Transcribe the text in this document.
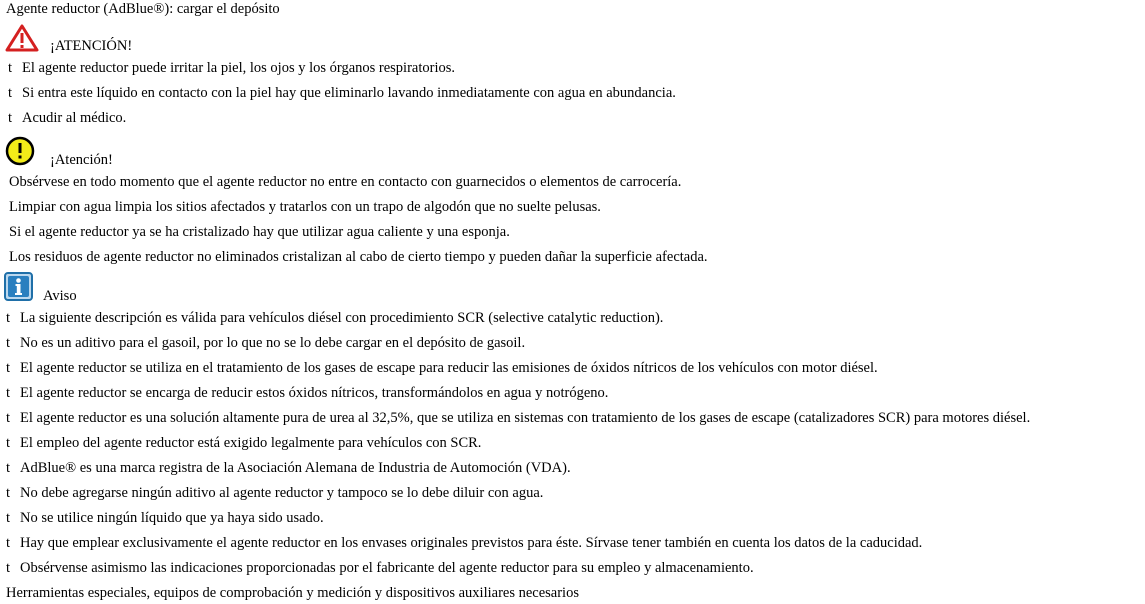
Agente reductor (AdBlue®): cargar el depósito
¡ATENCIÓN!
t El agente reductor puede irritar la piel, los ojos y los órganos respiratorios.
t Si entra este líquido en contacto con la piel hay que eliminarlo lavando inmediatamente con agua en abundancia.
t Acudir al médico.
¡Atención!
Obsérvese en todo momento que el agente reductor no entre en contacto con guarnecidos o elementos de carrocería.
Limpiar con agua limpia los sitios afectados y tratarlos con un trapo de algodón que no suelte pelusas.
Si el agente reductor ya se ha cristalizado hay que utilizar agua caliente y una esponja.
Los residuos de agente reductor no eliminados cristalizan al cabo de cierto tiempo y pueden dañar la superficie afectada.
Aviso
t La siguiente descripción es válida para vehículos diésel con procedimiento SCR (selective catalytic reduction).
t No es un aditivo para el gasoil, por lo que no se lo debe cargar en el depósito de gasoil.
t El agente reductor se utiliza en el tratamiento de los gases de escape para reducir las emisiones de óxidos nítricos de los vehículos con motor diésel.
t El agente reductor se encarga de reducir estos óxidos nítricos, transformándolos en agua y notrógeno.
t El agente reductor es una solución altamente pura de urea al 32,5%, que se utiliza en sistemas con tratamiento de los gases de escape (catalizadores SCR) para motores diésel.
t El empleo del agente reductor está exigido legalmente para vehículos con SCR.
t AdBlue® es una marca registra de la Asociación Alemana de Industria de Automoción (VDA).
t No debe agregarse ningún aditivo al agente reductor y tampoco se lo debe diluir con agua.
t No se utilice ningún líquido que ya haya sido usado.
t Hay que emplear exclusivamente el agente reductor en los envases originales previstos para éste. Sírvase tener también en cuenta los datos de la caducidad.
t Obsérvense asimismo las indicaciones proporcionadas por el fabricante del agente reductor para su empleo y almacenamiento.
Herramientas especiales, equipos de comprobación y medición y dispositivos auxiliares necesarios
